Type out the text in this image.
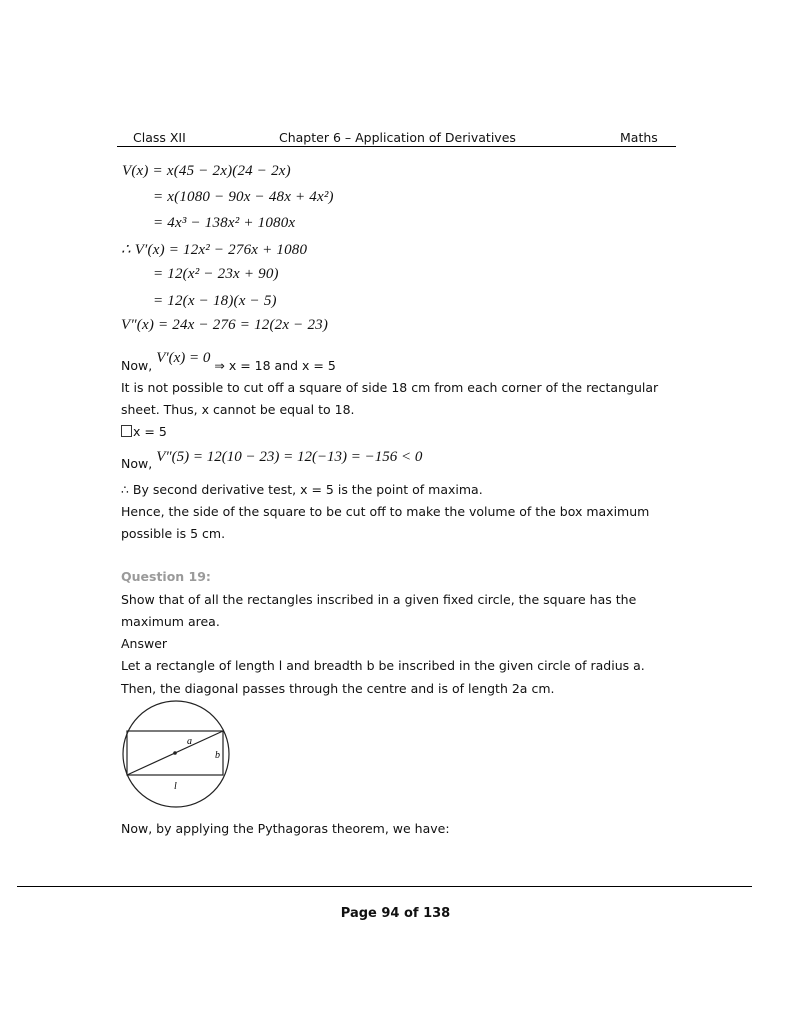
Class XII	Chapter 6 – Application of Derivatives	Maths
V(x) = x(45 − 2x)(24 − 2x)
= x(1080 − 90x − 48x + 4x²)
= 4x³ − 138x² + 1080x
∴ V′(x) = 12x² − 276x + 1080
= 12(x² − 23x + 90)
= 12(x − 18)(x − 5)
V″(x) = 24x − 276 = 12(2x − 23)
Now, V′(x) = 0 ⇒ x = 18 and x = 5
It is not possible to cut off a square of side 18 cm from each corner of the rectangular
sheet. Thus, x cannot be equal to 18.
x = 5
Now, V″(5) = 12(10 − 23) = 12(−13) = −156 < 0
∴ By second derivative test, x = 5 is the point of maxima.
Hence, the side of the square to be cut off to make the volume of the box maximum
possible is 5 cm.
Question 19:
Show that of all the rectangles inscribed in a given fixed circle, the square has the
maximum area.
Answer
Let a rectangle of length l and breadth b be inscribed in the given circle of radius a.
Then, the diagonal passes through the centre and is of length 2a cm.
a
b
l
Now, by applying the Pythagoras theorem, we have:
Page 94 of 138
